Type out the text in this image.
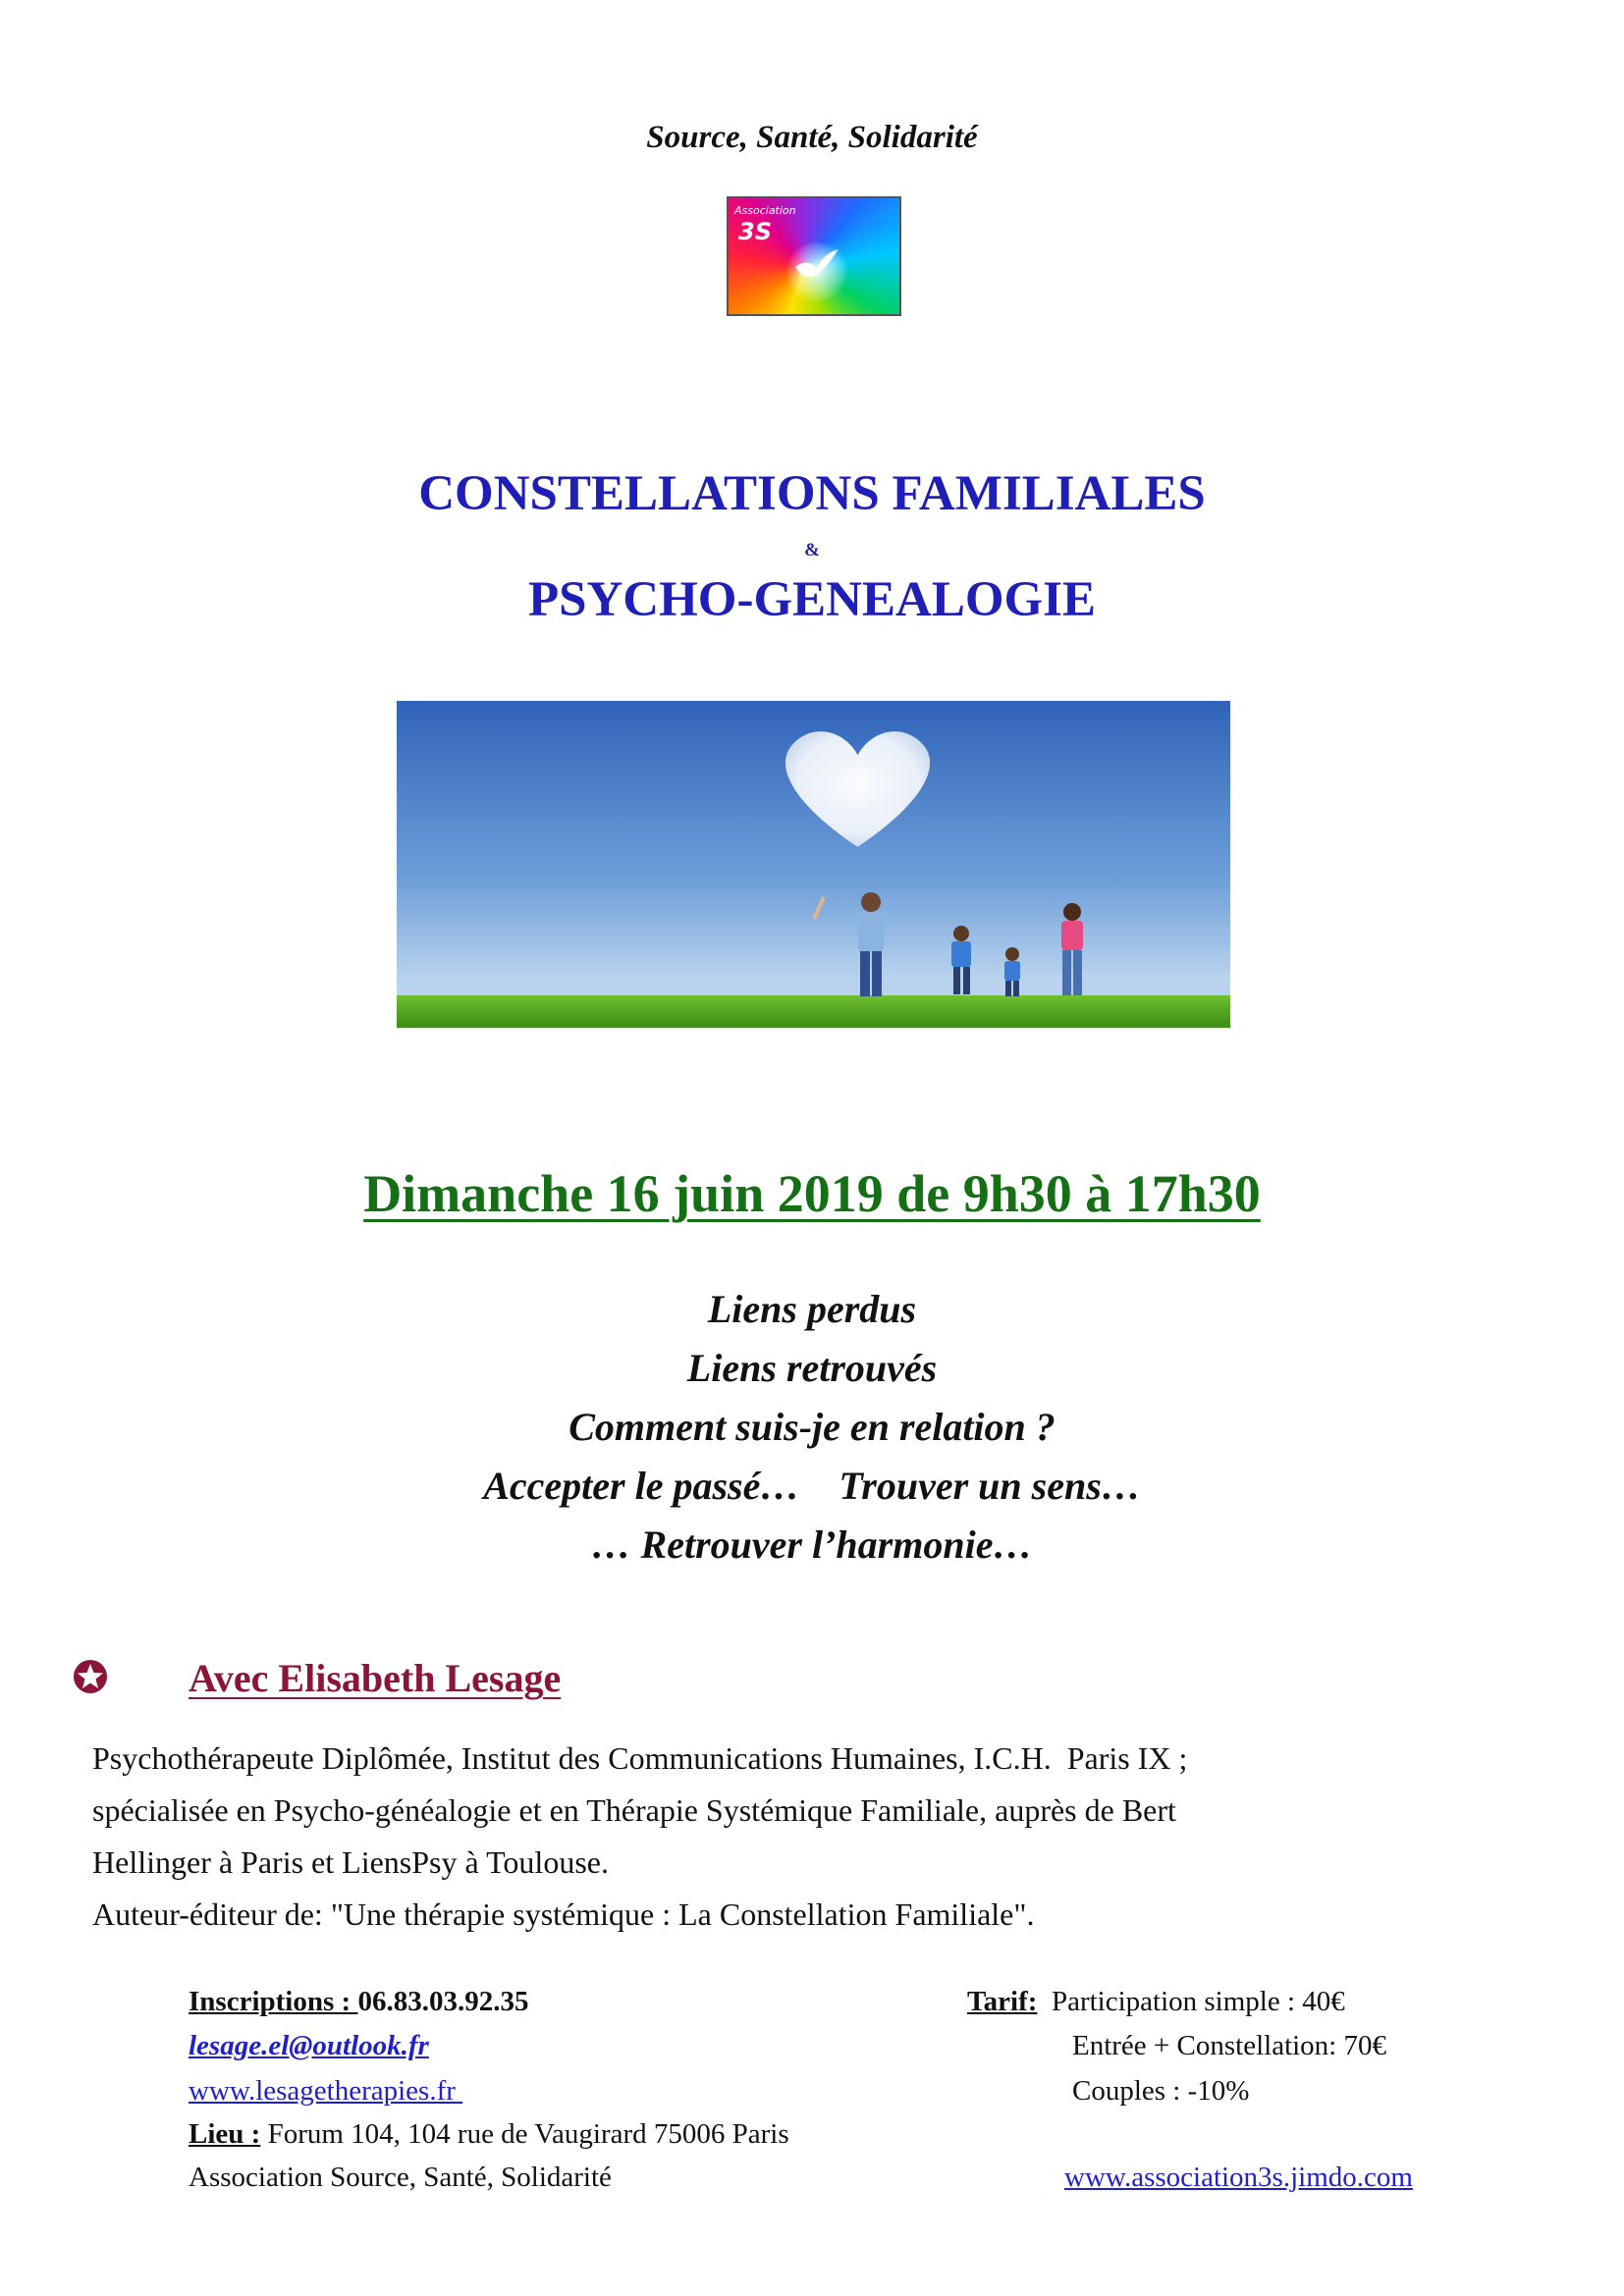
Source, Santé, Solidarité
Association
3S
CONSTELLATIONS FAMILIALES
&
PSYCHO-GENEALOGIE
Dimanche 16 juin 2019 de 9h30 à 17h30
Liens perdus
Liens retrouvés
Comment suis-je en relation ?
Accepter le passé…    Trouver un sens…
… Retrouver l’harmonie…
Avec Elisabeth Lesage
Psychothérapeute Diplômée, Institut des Communications Humaines, I.C.H.  Paris IX ;
spécialisée en Psycho-généalogie et en Thérapie Systémique Familiale, auprès de Bert
Hellinger à Paris et LiensPsy à Toulouse.
Auteur-éditeur de: "Une thérapie systémique : La Constellation Familiale".
Inscriptions : 06.83.03.92.35
lesage.el@outlook.fr
www.lesagetherapies.fr
Lieu : Forum 104, 104 rue de Vaugirard 75006 Paris
Association Source, Santé, Solidarité
Tarif: Participation simple : 40€
Entrée + Constellation: 70€
Couples : -10%
www.association3s.jimdo.com
